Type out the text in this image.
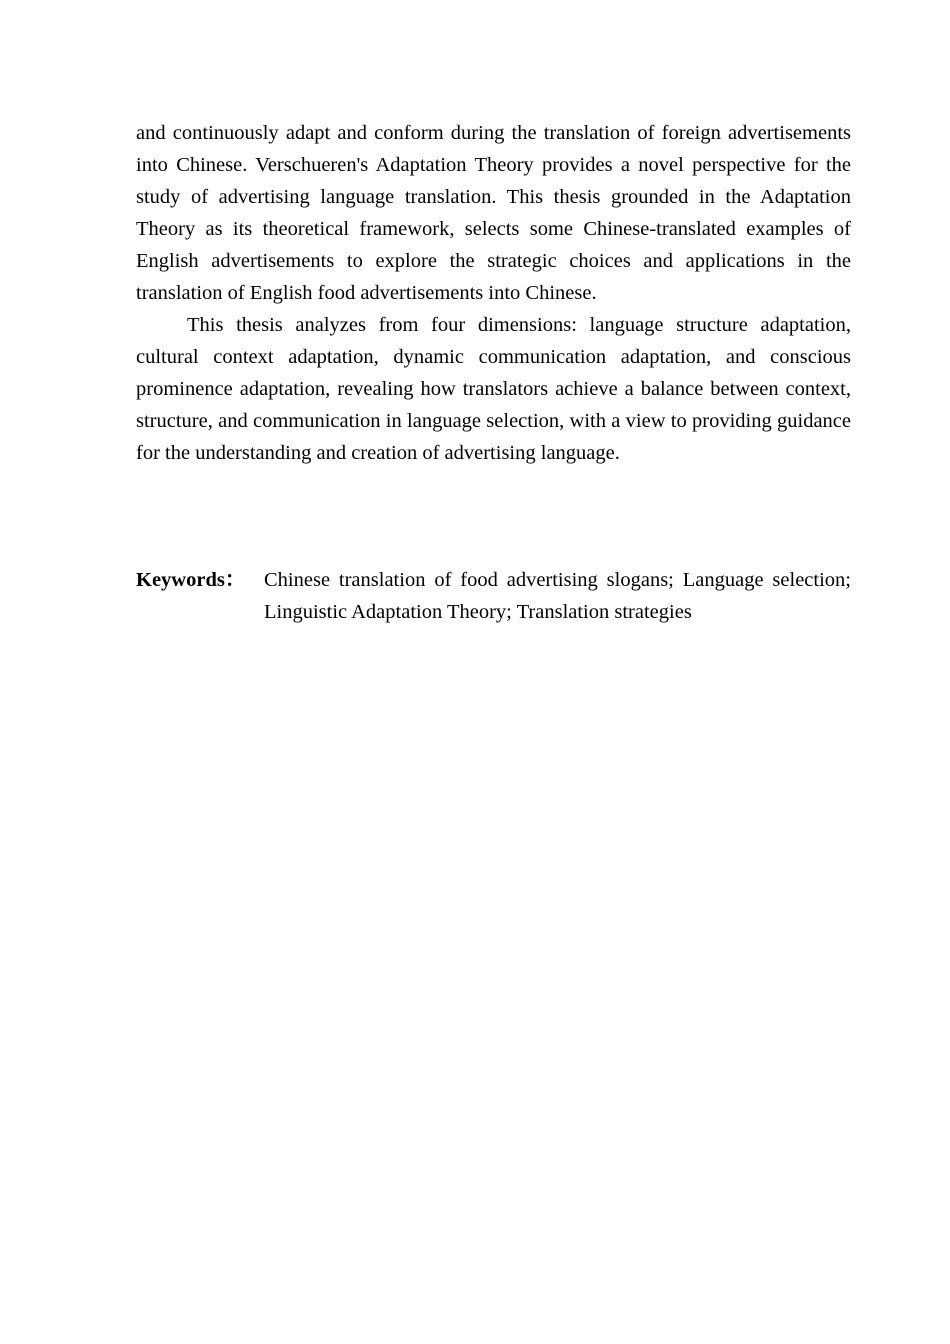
and continuously adapt and conform during the translation of foreign advertisements into Chinese. Verschueren's Adaptation Theory provides a novel perspective for the study of advertising language translation. This thesis grounded in the Adaptation Theory as its theoretical framework, selects some Chinese-translated examples of English advertisements to explore the strategic choices and applications in the translation of English food advertisements into Chinese.

This thesis analyzes from four dimensions: language structure adaptation, cultural context adaptation, dynamic communication adaptation, and conscious prominence adaptation, revealing how translators achieve a balance between context, structure, and communication in language selection, with a view to providing guidance for the understanding and creation of advertising language.

Keywords： Chinese translation of food advertising slogans; Language selection; Linguistic Adaptation Theory; Translation strategies
